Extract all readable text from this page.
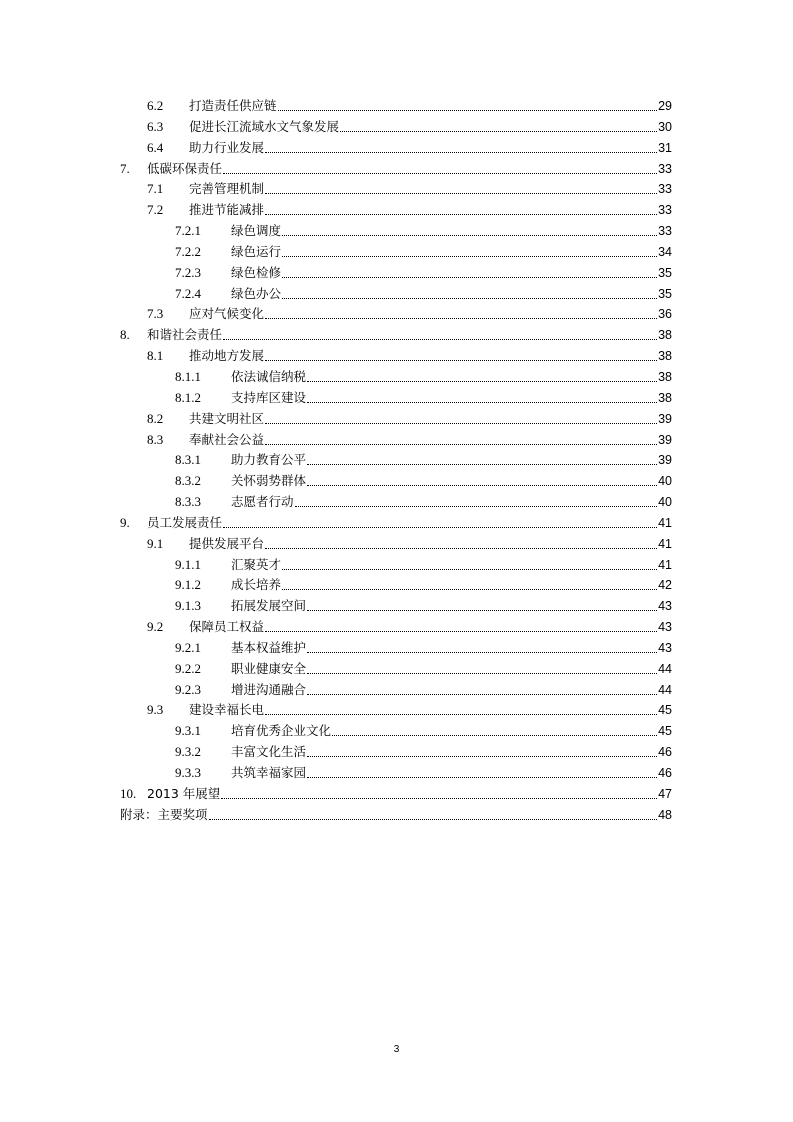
6.2 打造责任供应链	29
6.3 促进长江流域水文气象发展	30
6.4 助力行业发展	31
7. 低碳环保责任	33
7.1 完善管理机制	33
7.2 推进节能减排	33
7.2.1 绿色调度	33
7.2.2 绿色运行	34
7.2.3 绿色检修	35
7.2.4 绿色办公	35
7.3 应对气候变化	36
8. 和谐社会责任	38
8.1 推动地方发展	38
8.1.1 依法诚信纳税	38
8.1.2 支持库区建设	38
8.2 共建文明社区	39
8.3 奉献社会公益	39
8.3.1 助力教育公平	39
8.3.2 关怀弱势群体	40
8.3.3 志愿者行动	40
9. 员工发展责任	41
9.1 提供发展平台	41
9.1.1 汇聚英才	41
9.1.2 成长培养	42
9.1.3 拓展发展空间	43
9.2 保障员工权益	43
9.2.1 基本权益维护	43
9.2.2 职业健康安全	44
9.2.3 增进沟通融合	44
9.3 建设幸福长电	45
9.3.1 培育优秀企业文化	45
9.3.2 丰富文化生活	46
9.3.3 共筑幸福家园	46
10. 2013 年展望	47
附录：主要奖项	48
3
